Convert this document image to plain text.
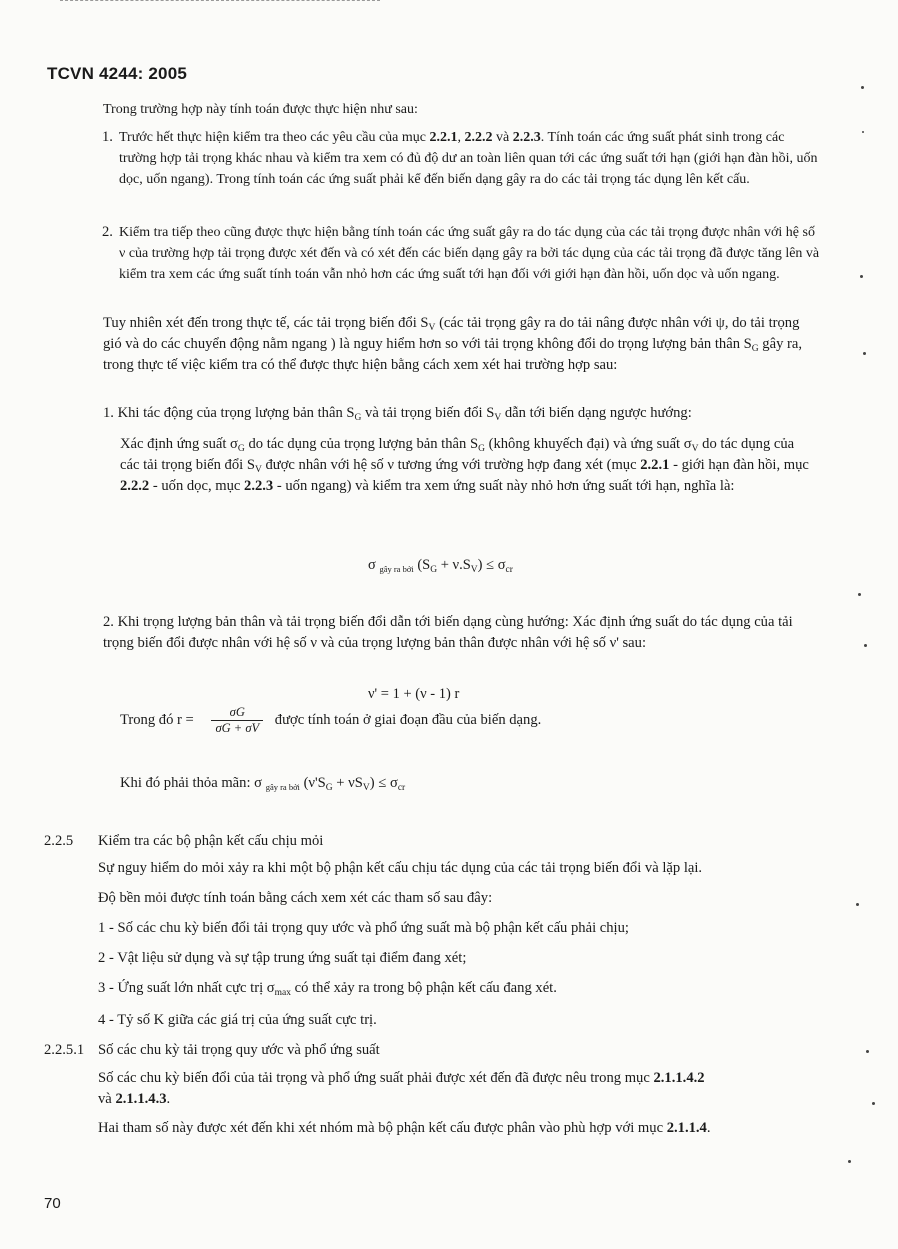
TCVN 4244: 2005

Trong trường hợp này tính toán được thực hiện như sau:

1. Trước hết thực hiện kiểm tra theo các yêu cầu của mục 2.2.1, 2.2.2 và 2.2.3. Tính toán các ứng suất phát sinh trong các trường hợp tải trọng khác nhau và kiểm tra xem có đủ độ dư an toàn liên quan tới các ứng suất tới hạn (giới hạn đàn hồi, uốn dọc, uốn ngang). Trong tính toán các ứng suất phải kể đến biến dạng gây ra do các tải trọng tác dụng lên kết cấu.

2. Kiểm tra tiếp theo cũng được thực hiện bằng tính toán các ứng suất gây ra do tác dụng của các tải trọng được nhân với hệ số ν của trường hợp tải trọng được xét đến và có xét đến các biến dạng gây ra bởi tác dụng của các tải trọng đã được tăng lên và kiểm tra xem các ứng suất tính toán vẫn nhỏ hơn các ứng suất tới hạn đối với giới hạn đàn hồi, uốn dọc và uốn ngang.

Tuy nhiên xét đến trong thực tế, các tải trọng biến đổi $S_V$ (các tải trọng gây ra do tải nâng được nhân với ψ, do tải trọng gió và do các chuyển động nằm ngang ) là nguy hiểm hơn so với tải trọng không đổi do trọng lượng bản thân $S_G$ gây ra, trong thực tế việc kiểm tra có thể được thực hiện bằng cách xem xét hai trường hợp sau:

1. Khi tác động của trọng lượng bản thân $S_G$ và tải trọng biến đổi $S_V$ dẫn tới biến dạng ngược hướng:

Xác định ứng suất $\sigma_G$ do tác dụng của trọng lượng bản thân $S_G$ (không khuyếch đại) và ứng suất $\sigma_V$ do tác dụng của các tải trọng biến đổi $S_V$ được nhân với hệ số ν tương ứng với trường hợp đang xét (mục 2.2.1 - giới hạn đàn hồi, mục 2.2.2 - uốn dọc, mục 2.2.3 - uốn ngang) và kiểm tra xem ứng suất này nhỏ hơn ứng suất tới hạn, nghĩa là:

σ $_{gây ra bởi}$ $(S_G + \nu.S_V) \le \sigma_{cr}$

2. Khi trọng lượng bản thân và tải trọng biến đổi dẫn tới biến dạng cùng hướng: Xác định ứng suất do tác dụng của tải trọng biến đổi được nhân với hệ số ν và của trọng lượng bản thân được nhân với hệ số ν' sau:

ν' = 1 + (ν - 1) r

Trong đó $r = \frac{\sigma G}{\sigma G + \sigma V}$ được tính toán ở giai đoạn đầu của biến dạng.

Khi đó phải thỏa mãn: σ $_{gây ra bởi}$ $(\nu'S_G + \nu S_V) \le \sigma_{cr}$

2.2.5 Kiểm tra các bộ phận kết cấu chịu mỏi

Sự nguy hiểm do mỏi xảy ra khi một bộ phận kết cấu chịu tác dụng của các tải trọng biến đổi và lặp lại.

Độ bền mỏi được tính toán bằng cách xem xét các tham số sau đây:

1 - Số các chu kỳ biến đổi tải trọng quy ước và phổ ứng suất mà bộ phận kết cấu phải chịu;

2 - Vật liệu sử dụng và sự tập trung ứng suất tại điểm đang xét;

3 - Ứng suất lớn nhất cực trị $\sigma_{max}$ có thể xảy ra trong bộ phận kết cấu đang xét.

4 - Tỷ số K giữa các giá trị của ứng suất cực trị.

2.2.5.1 Số các chu kỳ tải trọng quy ước và phổ ứng suất

Số các chu kỳ biến đổi của tải trọng và phổ ứng suất phải được xét đến đã được nêu trong mục 2.1.1.4.2
và 2.1.1.4.3.

Hai tham số này được xét đến khi xét nhóm mà bộ phận kết cấu được phân vào phù hợp với mục 2.1.1.4.

70
